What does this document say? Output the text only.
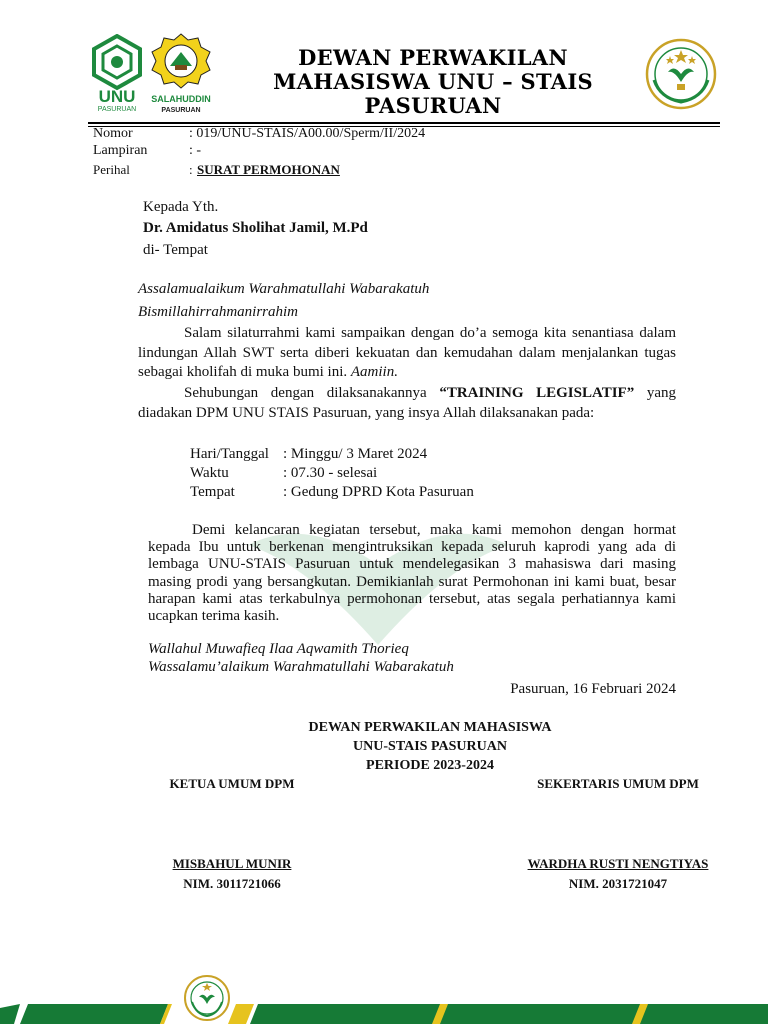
UNU
PASURUAN
SALAHUDDIN
PASURUAN
DEWAN PERWAKILAN
MAHASISWA UNU – STAIS
PASURUAN
Nomor	: 019/UNU-STAIS/A00.00/Sperm/II/2024
Lampiran	: -
Perihal	: SURAT PERMOHONAN
Kepada Yth.
Dr. Amidatus Sholihat Jamil, M.Pd
di- Tempat
Assalamualaikum Warahmatullahi Wabarakatuh
Bismillahirrahmanirrahim
Salam silaturrahmi kami sampaikan dengan do’a semoga kita senantiasa dalam lindungan Allah SWT serta diberi kekuatan dan kemudahan dalam menjalankan tugas sebagai kholifah di muka bumi ini. Aamiin.
Sehubungan dengan dilaksanakannya “TRAINING LEGISLATIF” yang diadakan DPM UNU STAIS Pasuruan, yang insya Allah dilaksanakan pada:
Hari/Tanggal	: Minggu/ 3 Maret 2024
Waktu	: 07.30 - selesai
Tempat	: Gedung DPRD Kota Pasuruan
Demi kelancaran kegiatan tersebut, maka kami memohon dengan hormat kepada Ibu untuk berkenan mengintruksikan kepada seluruh kaprodi yang ada di lembaga UNU-STAIS Pasuruan untuk mendelegasikan 3 mahasiswa dari masing masing prodi yang bersangkutan. Demikianlah surat Permohonan ini kami buat, besar harapan kami atas terkabulnya permohonan tersebut, atas segala perhatiannya kami ucapkan terima kasih.
Wallahul Muwafieq Ilaa Aqwamith Thorieq
Wassalamu’alaikum Warahmatullahi Wabarakatuh
Pasuruan, 16 Februari 2024
DEWAN PERWAKILAN MAHASISWA
UNU-STAIS PASURUAN
PERIODE 2023-2024
KETUA UMUM DPM	SEKERTARIS UMUM DPM
MISBAHUL MUNIR
NIM. 3011721066
WARDHA RUSTI NENGTIYAS
NIM. 2031721047
